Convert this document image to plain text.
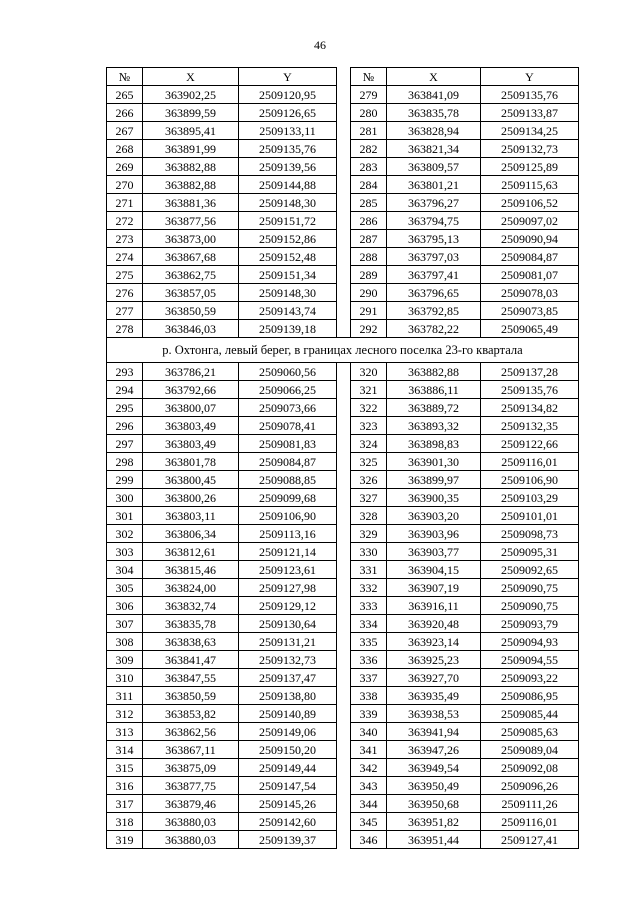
46
№	X	Y		№	X	Y
265	363902,25	2509120,95		279	363841,09	2509135,76
266	363899,59	2509126,65		280	363835,78	2509133,87
267	363895,41	2509133,11		281	363828,94	2509134,25
268	363891,99	2509135,76		282	363821,34	2509132,73
269	363882,88	2509139,56		283	363809,57	2509125,89
270	363882,88	2509144,88		284	363801,21	2509115,63
271	363881,36	2509148,30		285	363796,27	2509106,52
272	363877,56	2509151,72		286	363794,75	2509097,02
273	363873,00	2509152,86		287	363795,13	2509090,94
274	363867,68	2509152,48		288	363797,03	2509084,87
275	363862,75	2509151,34		289	363797,41	2509081,07
276	363857,05	2509148,30		290	363796,65	2509078,03
277	363850,59	2509143,74		291	363792,85	2509073,85
278	363846,03	2509139,18		292	363782,22	2509065,49
р. Охтонга, левый берег, в границах лесного поселка 23-го квартала						
293	363786,21	2509060,56		320	363882,88	2509137,28
294	363792,66	2509066,25		321	363886,11	2509135,76
295	363800,07	2509073,66		322	363889,72	2509134,82
296	363803,49	2509078,41		323	363893,32	2509132,35
297	363803,49	2509081,83		324	363898,83	2509122,66
298	363801,78	2509084,87		325	363901,30	2509116,01
299	363800,45	2509088,85		326	363899,97	2509106,90
300	363800,26	2509099,68		327	363900,35	2509103,29
301	363803,11	2509106,90		328	363903,20	2509101,01
302	363806,34	2509113,16		329	363903,96	2509098,73
303	363812,61	2509121,14		330	363903,77	2509095,31
304	363815,46	2509123,61		331	363904,15	2509092,65
305	363824,00	2509127,98		332	363907,19	2509090,75
306	363832,74	2509129,12		333	363916,11	2509090,75
307	363835,78	2509130,64		334	363920,48	2509093,79
308	363838,63	2509131,21		335	363923,14	2509094,93
309	363841,47	2509132,73		336	363925,23	2509094,55
310	363847,55	2509137,47		337	363927,70	2509093,22
311	363850,59	2509138,80		338	363935,49	2509086,95
312	363853,82	2509140,89		339	363938,53	2509085,44
313	363862,56	2509149,06		340	363941,94	2509085,63
314	363867,11	2509150,20		341	363947,26	2509089,04
315	363875,09	2509149,44		342	363949,54	2509092,08
316	363877,75	2509147,54		343	363950,49	2509096,26
317	363879,46	2509145,26		344	363950,68	2509111,26
318	363880,03	2509142,60		345	363951,82	2509116,01
319	363880,03	2509139,37		346	363951,44	2509127,41
